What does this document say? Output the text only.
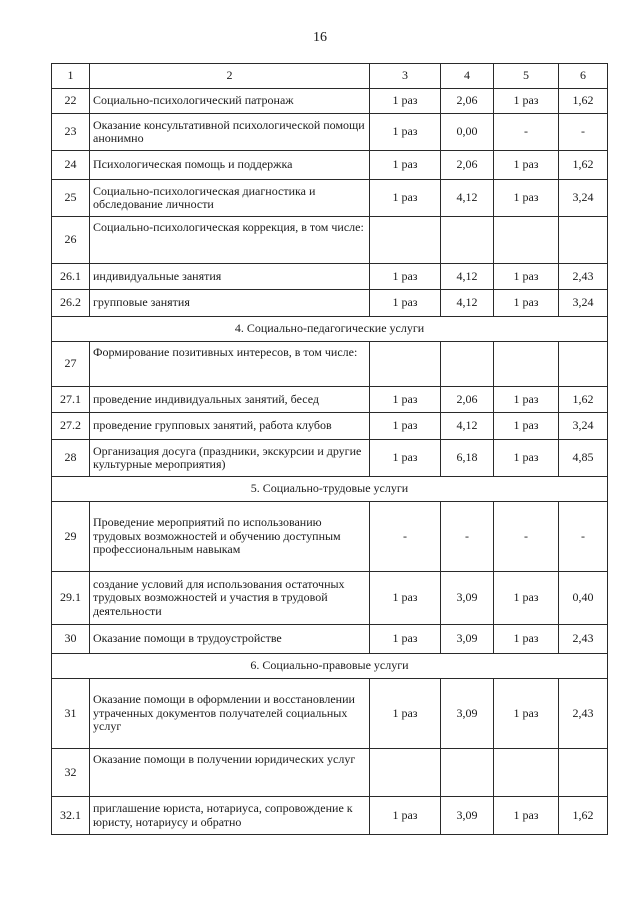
16
1	2	3	4	5	6
22	Социально-психологический патронаж	1 раз	2,06	1 раз	1,62
23	Оказание консультативной психологической помощи анонимно	1 раз	0,00	-	-
24	Психологическая помощь и поддержка	1 раз	2,06	1 раз	1,62
25	Социально-психологическая диагностика и обследование личности	1 раз	4,12	1 раз	3,24
26	Социально-психологическая коррекция, в том числе:				
26.1	индивидуальные занятия	1 раз	4,12	1 раз	2,43
26.2	групповые занятия	1 раз	4,12	1 раз	3,24
4. Социально-педагогические услуги					
27	Формирование позитивных интересов, в том числе:				
27.1	проведение индивидуальных занятий, бесед	1 раз	2,06	1 раз	1,62
27.2	проведение групповых занятий, работа клубов	1 раз	4,12	1 раз	3,24
28	Организация досуга (праздники, экскурсии и другие культурные мероприятия)	1 раз	6,18	1 раз	4,85
5. Социально-трудовые услуги					
29	Проведение мероприятий по использованию трудовых возможностей и обучению доступным профессиональным навыкам	-	-	-	-
29.1	создание условий для использования остаточных трудовых возможностей и участия в трудовой деятельности	1 раз	3,09	1 раз	0,40
30	Оказание помощи в трудоустройстве	1 раз	3,09	1 раз	2,43
6. Социально-правовые услуги					
31	Оказание помощи в оформлении и восстановлении утраченных документов получателей социальных услуг	1 раз	3,09	1 раз	2,43
32	Оказание помощи в получении юридических услуг				
32.1	приглашение юриста, нотариуса, сопровождение к юристу, нотариусу и обратно	1 раз	3,09	1 раз	1,62
